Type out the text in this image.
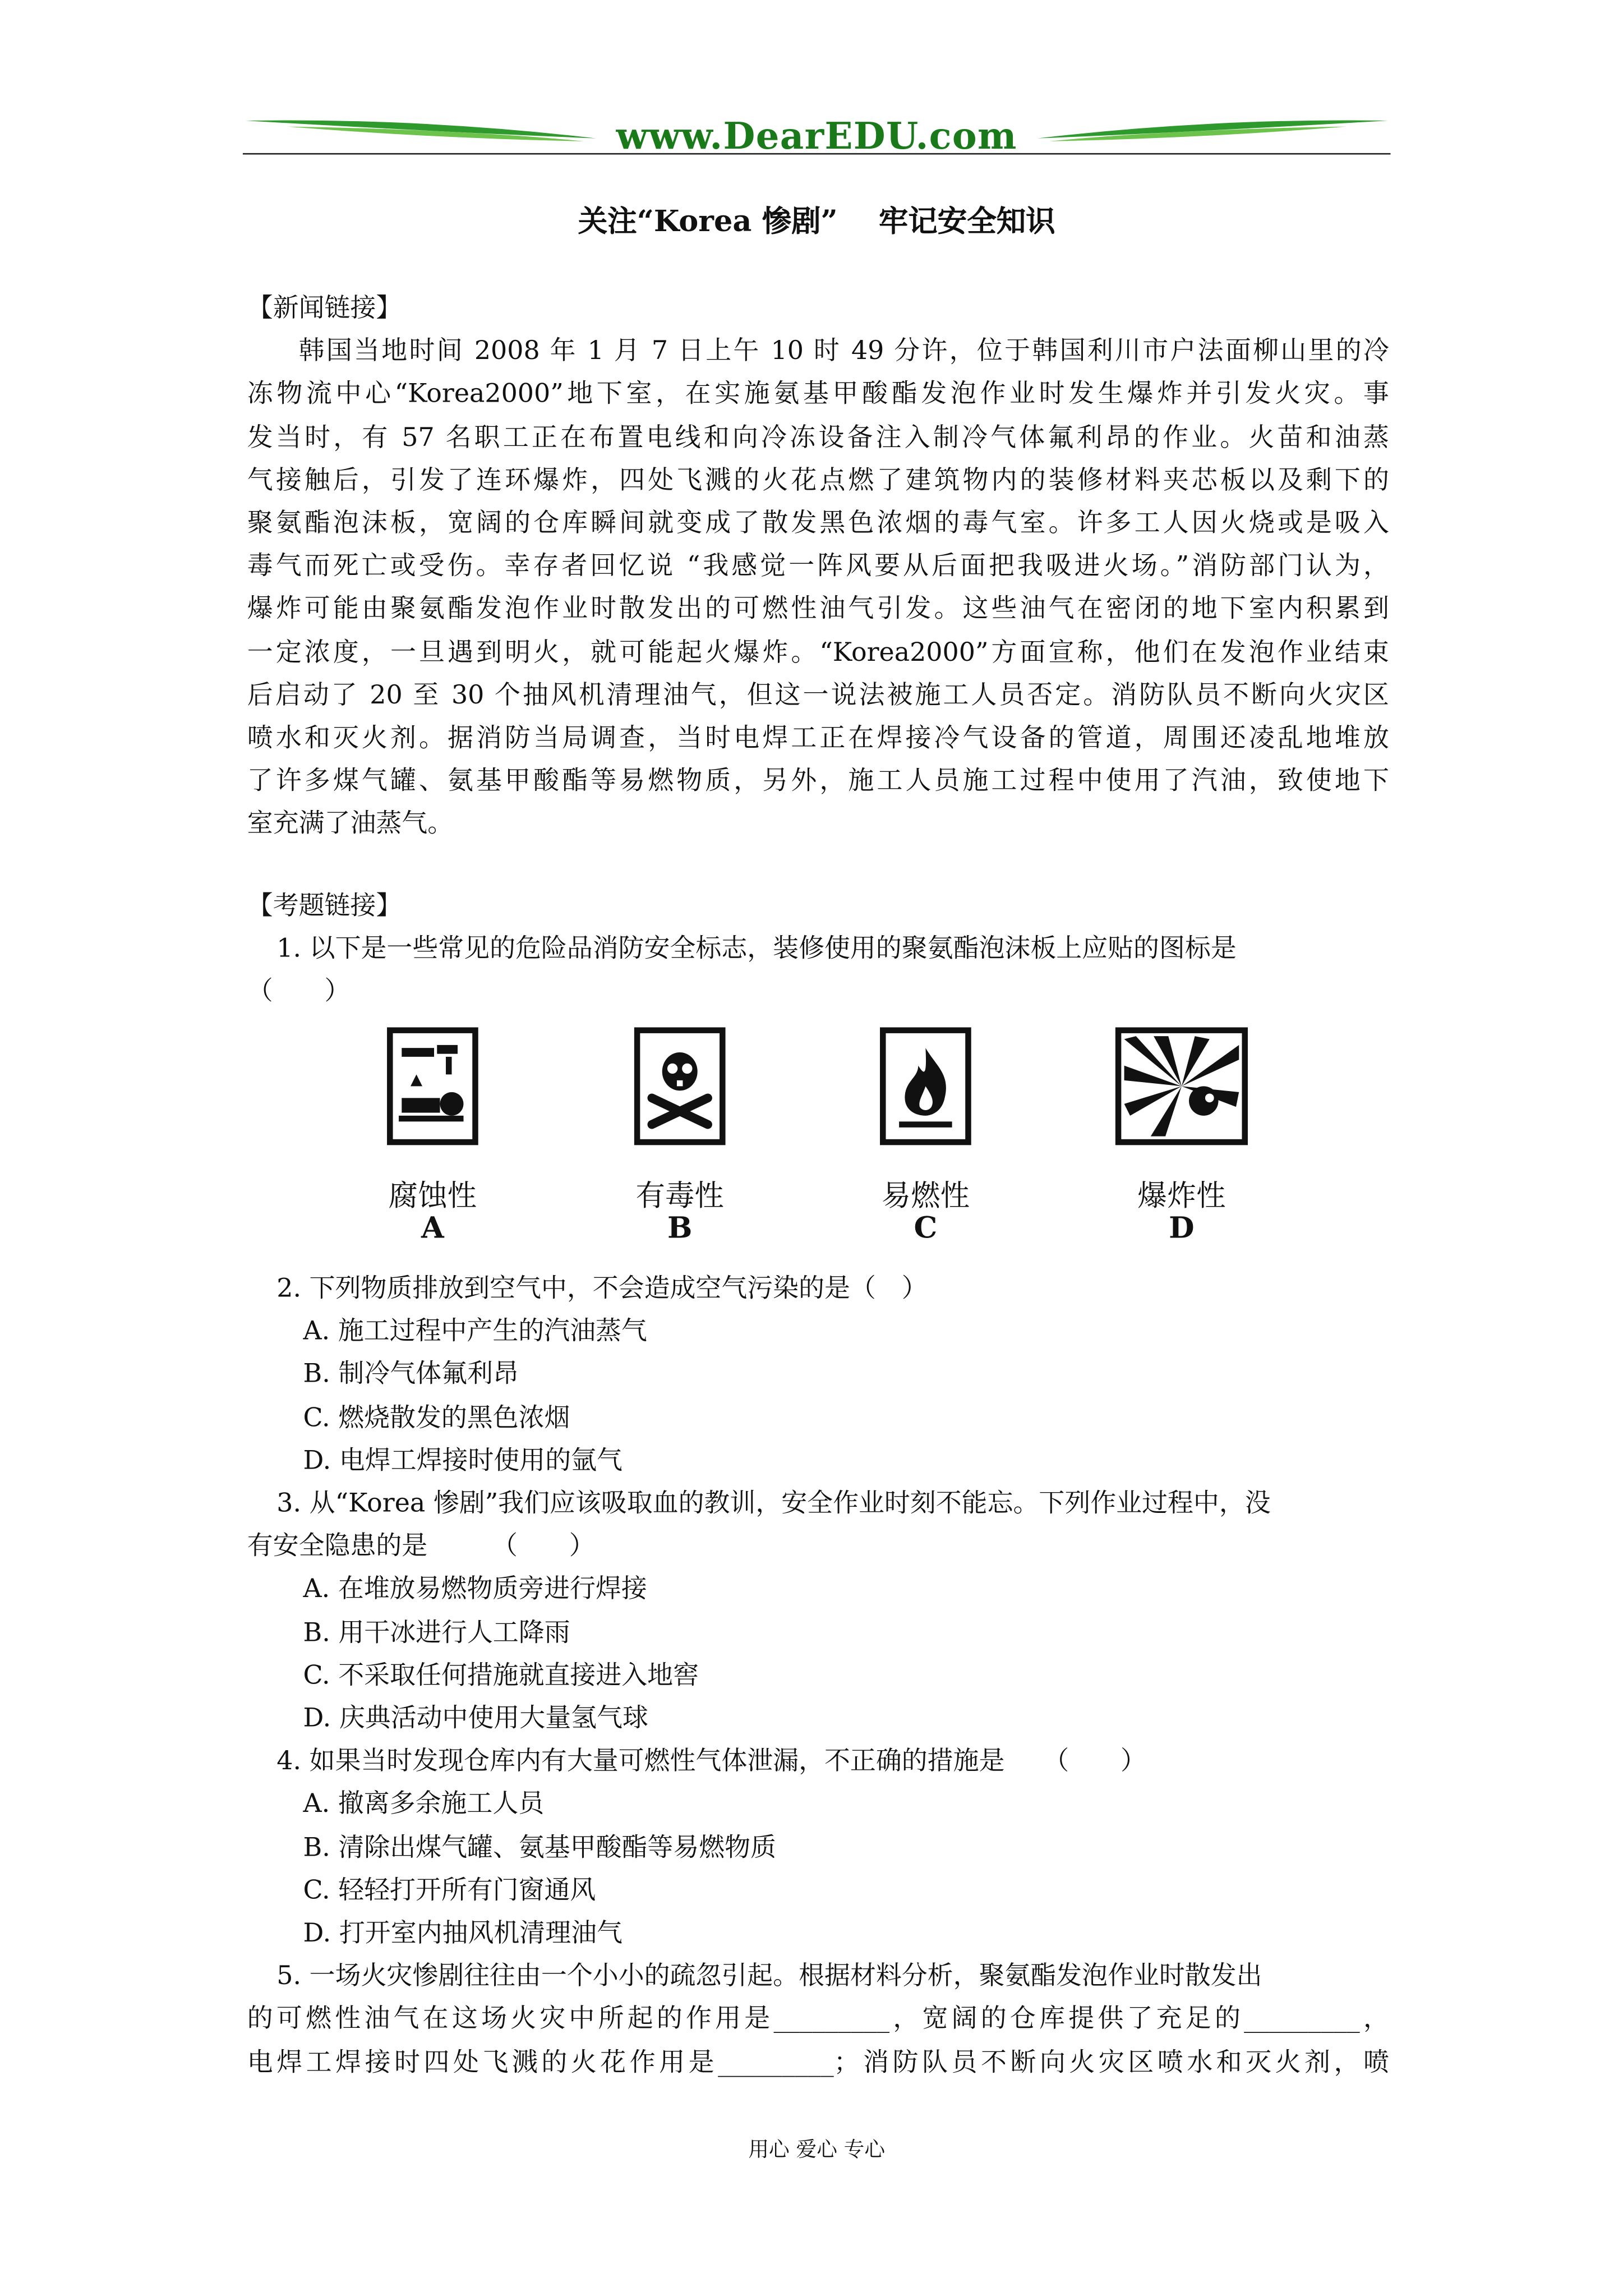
www.DearEDU.com
关注“Korea 惨剧”    牢记安全知识

【新闻链接】

韩国当地时间 2008 年 1 月 7 日上午 10 时 49 分许，位于韩国利川市户法面柳山里的冷
冻物流中心“Korea2000”地下室，在实施氨基甲酸酯发泡作业时发生爆炸并引发火灾。事
发当时，有 57 名职工正在布置电线和向冷冻设备注入制冷气体氟利昂的作业。火苗和油蒸
气接触后，引发了连环爆炸，四处飞溅的火花点燃了建筑物内的装修材料夹芯板以及剩下的
聚氨酯泡沫板，宽阔的仓库瞬间就变成了散发黑色浓烟的毒气室。许多工人因火烧或是吸入
毒气而死亡或受伤。幸存者回忆说 “我感觉一阵风要从后面把我吸进火场。”消防部门认为，
爆炸可能由聚氨酯发泡作业时散发出的可燃性油气引发。这些油气在密闭的地下室内积累到
一定浓度，一旦遇到明火，就可能起火爆炸。“Korea2000”方面宣称，他们在发泡作业结束
后启动了 20 至 30 个抽风机清理油气，但这一说法被施工人员否定。消防队员不断向火灾区
喷水和灭火剂。据消防当局调查，当时电焊工正在焊接冷气设备的管道，周围还凌乱地堆放
了许多煤气罐、氨基甲酸酯等易燃物质，另外，施工人员施工过程中使用了汽油，致使地下
室充满了油蒸气。

【考题链接】

1. 以下是一些常见的危险品消防安全标志，装修使用的聚氨酯泡沫板上应贴的图标是

（　　）

腐蚀性
A
有毒性
B
易燃性
C
爆炸性
D

2. 下列物质排放到空气中，不会造成空气污染的是（　）

A. 施工过程中产生的汽油蒸气

B. 制冷气体氟利昂

C. 燃烧散发的黑色浓烟

D. 电焊工焊接时使用的氩气

3. 从“Korea 惨剧”我们应该吸取血的教训，安全作业时刻不能忘。下列作业过程中，没

有安全隐患的是　　　（　　）

A. 在堆放易燃物质旁进行焊接

B. 用干冰进行人工降雨

C. 不采取任何措施就直接进入地窖

D. 庆典活动中使用大量氢气球

4. 如果当时发现仓库内有大量可燃性气体泄漏，不正确的措施是　　（　　）

A. 撤离多余施工人员

B. 清除出煤气罐、氨基甲酸酯等易燃物质

C. 轻轻打开所有门窗通风

D. 打开室内抽风机清理油气

5. 一场火灾惨剧往往由一个小小的疏忽引起。根据材料分析，聚氨酯发泡作业时散发出

的可燃性油气在这场火灾中所起的作用是_________，宽阔的仓库提供了充足的_________，

电焊工焊接时四处飞溅的火花作用是_________；消防队员不断向火灾区喷水和灭火剂，喷

用心 爱心 专心
